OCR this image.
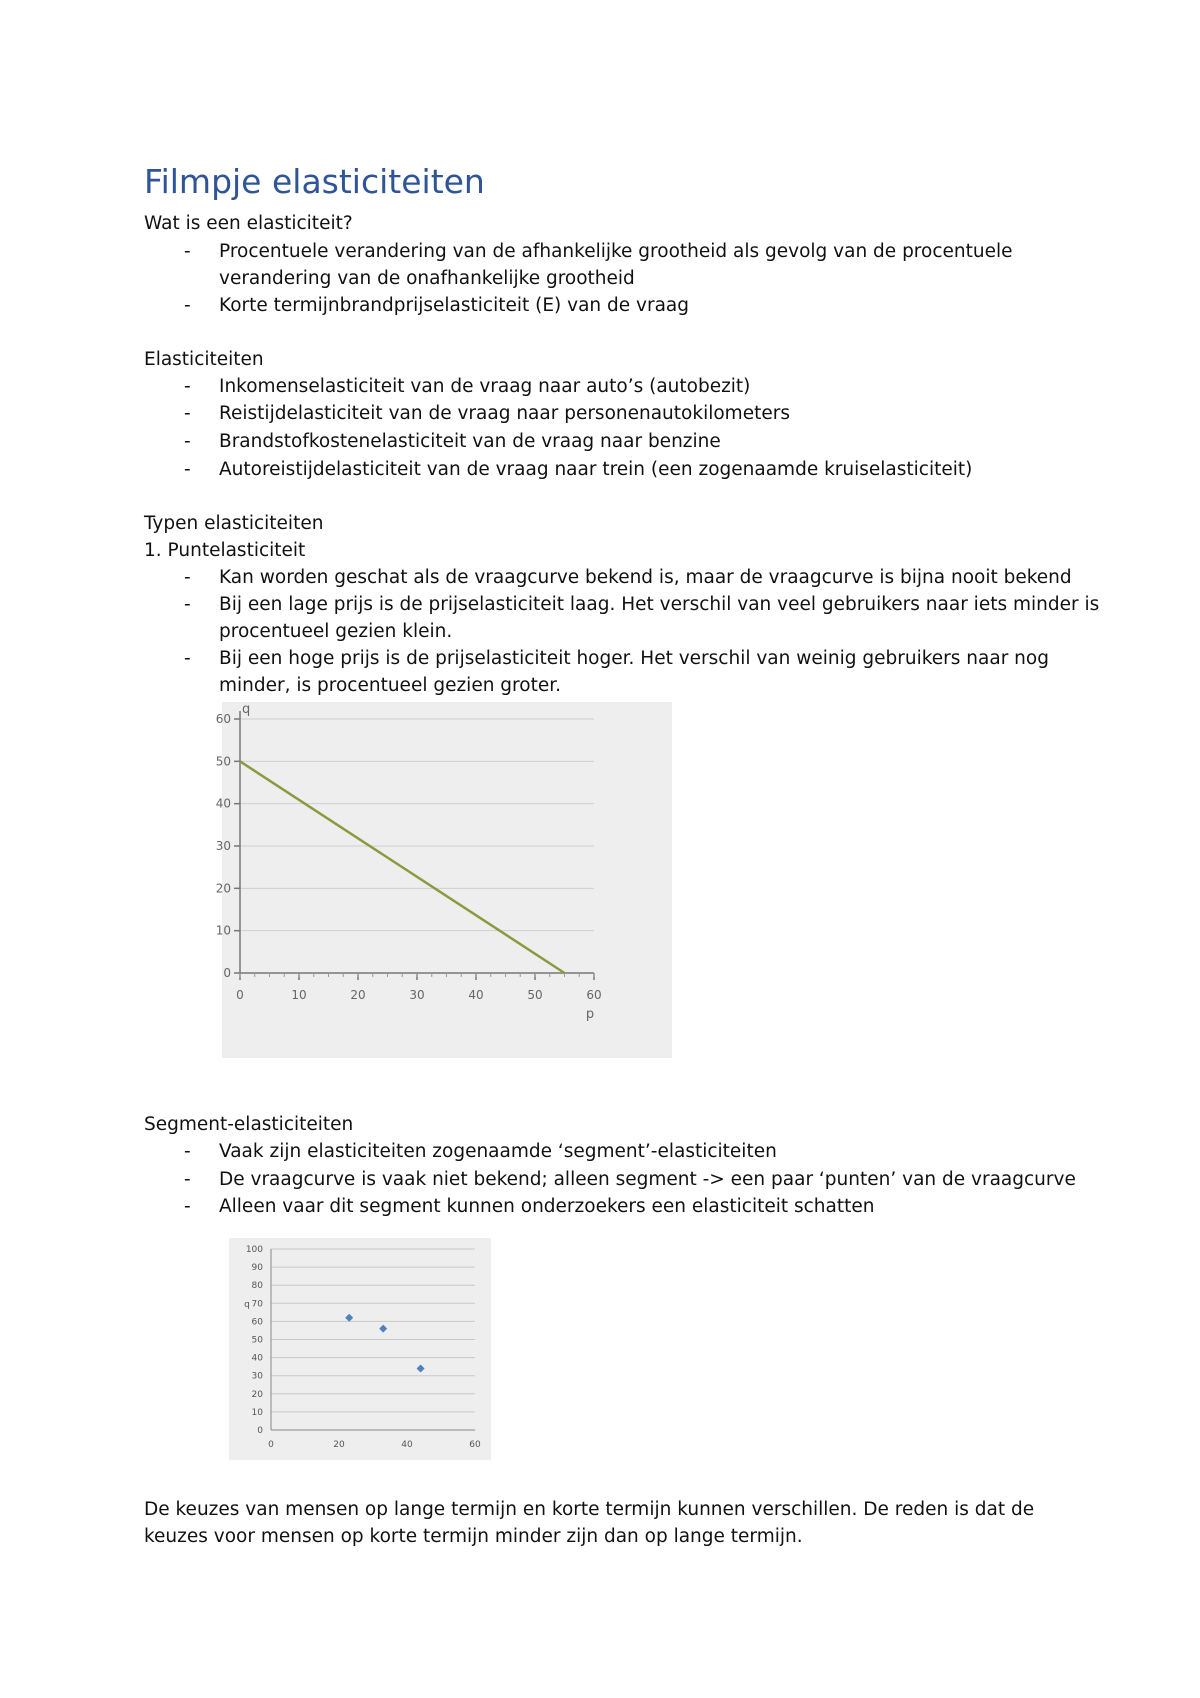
Filmpje elasticiteiten
Wat is een elasticiteit?
- Procentuele verandering van de afhankelijke grootheid als gevolg van de procentuele
verandering van de onafhankelijke grootheid
- Korte termijnbrandprijselasticiteit (E) van de vraag
Elasticiteiten
- Inkomenselasticiteit van de vraag naar auto’s (autobezit)
- Reistijdelasticiteit van de vraag naar personenautokilometers
- Brandstofkostenelasticiteit van de vraag naar benzine
- Autoreistijdelasticiteit van de vraag naar trein (een zogenaamde kruiselasticiteit)
Typen elasticiteiten
1. Puntelasticiteit
- Kan worden geschat als de vraagcurve bekend is, maar de vraagcurve is bijna nooit bekend
- Bij een lage prijs is de prijselasticiteit laag. Het verschil van veel gebruikers naar iets minder is
procentueel gezien klein.
- Bij een hoge prijs is de prijselasticiteit hoger. Het verschil van weinig gebruikers naar nog
minder, is procentueel gezien groter.
0
10
20
30
40
50
60
0	10	20	30	40	50	60
p
q
Segment-elasticiteiten
- Vaak zijn elasticiteiten zogenaamde ‘segment’-elasticiteiten
- De vraagcurve is vaak niet bekend; alleen segment -> een paar ‘punten’ van de vraagcurve
- Alleen vaar dit segment kunnen onderzoekers een elasticiteit schatten
0
10
20
30
40
50
60
70
80
90
100
0	20	40	60
q
De keuzes van mensen op lange termijn en korte termijn kunnen verschillen. De reden is dat de
keuzes voor mensen op korte termijn minder zijn dan op lange termijn.
